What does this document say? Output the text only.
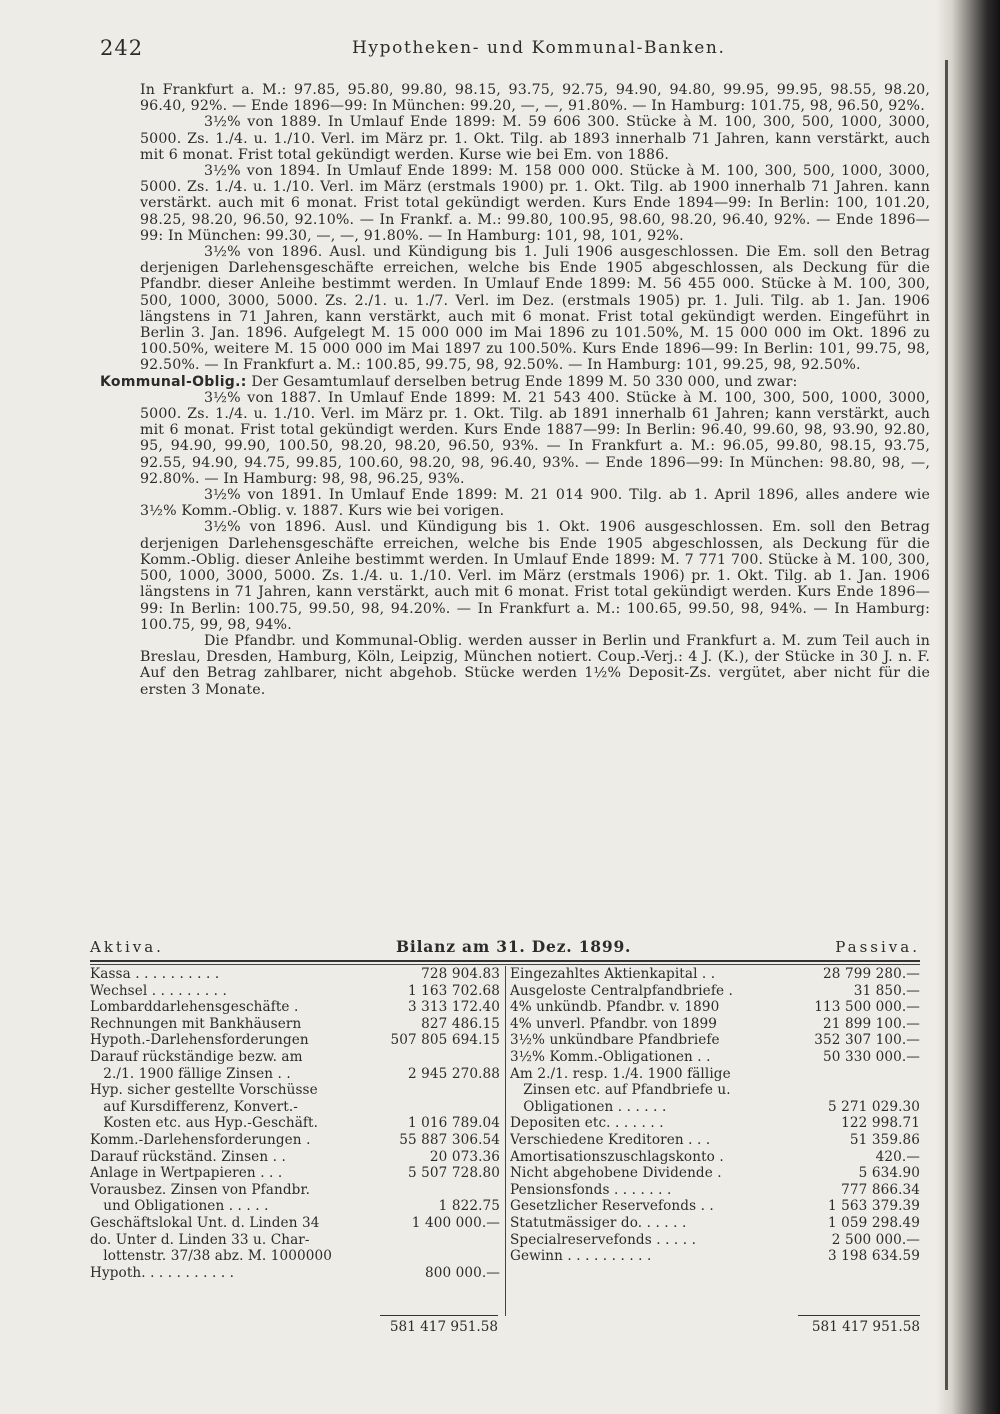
242	Hypotheken- und Kommunal-Banken.

In Frankfurt a. M.: 97.85, 95.80, 99.80, 98.15, 93.75, 92.75, 94.90, 94.80, 99.95, 99.95, 98.55, 98.20, 96.40, 92%. — Ende 1896—99: In München: 99.20, —, —, 91.80%. — In Hamburg: 101.75, 98, 96.50, 92%.

3½% von 1889. In Umlauf Ende 1899: M. 59 606 300. Stücke à M. 100, 300, 500, 1000, 3000, 5000. Zs. 1./4. u. 1./10. Verl. im März pr. 1. Okt. Tilg. ab 1893 innerhalb 71 Jahren, kann verstärkt, auch mit 6 monat. Frist total gekündigt werden. Kurse wie bei Em. von 1886.

3½% von 1894. In Umlauf Ende 1899: M. 158 000 000. Stücke à M. 100, 300, 500, 1000, 3000, 5000. Zs. 1./4. u. 1./10. Verl. im März (erstmals 1900) pr. 1. Okt. Tilg. ab 1900 innerhalb 71 Jahren. kann verstärkt. auch mit 6 monat. Frist total gekündigt werden. Kurs Ende 1894—99: In Berlin: 100, 101.20, 98.25, 98.20, 96.50, 92.10%. — In Frankf. a. M.: 99.80, 100.95, 98.60, 98.20, 96.40, 92%. — Ende 1896—99: In München: 99.30, —, —, 91.80%. — In Hamburg: 101, 98, 101, 92%.

3½% von 1896. Ausl. und Kündigung bis 1. Juli 1906 ausgeschlossen. Die Em. soll den Betrag derjenigen Darlehensgeschäfte erreichen, welche bis Ende 1905 abgeschlossen, als Deckung für die Pfandbr. dieser Anleihe bestimmt werden. In Umlauf Ende 1899: M. 56 455 000. Stücke à M. 100, 300, 500, 1000, 3000, 5000. Zs. 2./1. u. 1./7. Verl. im Dez. (erstmals 1905) pr. 1. Juli. Tilg. ab 1. Jan. 1906 längstens in 71 Jahren, kann verstärkt, auch mit 6 monat. Frist total gekündigt werden. Eingeführt in Berlin 3. Jan. 1896. Aufgelegt M. 15 000 000 im Mai 1896 zu 101.50%, M. 15 000 000 im Okt. 1896 zu 100.50%, weitere M. 15 000 000 im Mai 1897 zu 100.50%. Kurs Ende 1896—99: In Berlin: 101, 99.75, 98, 92.50%. — In Frankfurt a. M.: 100.85, 99.75, 98, 92.50%. — In Hamburg: 101, 99.25, 98, 92.50%.

Kommunal-Oblig.: Der Gesamtumlauf derselben betrug Ende 1899 M. 50 330 000, und zwar:

3½% von 1887. In Umlauf Ende 1899: M. 21 543 400. Stücke à M. 100, 300, 500, 1000, 3000, 5000. Zs. 1./4. u. 1./10. Verl. im März pr. 1. Okt. Tilg. ab 1891 innerhalb 61 Jahren; kann verstärkt, auch mit 6 monat. Frist total gekündigt werden. Kurs Ende 1887—99: In Berlin: 96.40, 99.60, 98, 93.90, 92.80, 95, 94.90, 99.90, 100.50, 98.20, 98.20, 96.50, 93%. — In Frankfurt a. M.: 96.05, 99.80, 98.15, 93.75, 92.55, 94.90, 94.75, 99.85, 100.60, 98.20, 98, 96.40, 93%. — Ende 1896—99: In München: 98.80, 98, —, 92.80%. — In Hamburg: 98, 98, 96.25, 93%.

3½% von 1891. In Umlauf Ende 1899: M. 21 014 900. Tilg. ab 1. April 1896, alles andere wie 3½% Komm.-Oblig. v. 1887. Kurs wie bei vorigen.

3½% von 1896. Ausl. und Kündigung bis 1. Okt. 1906 ausgeschlossen. Em. soll den Betrag derjenigen Darlehensgeschäfte erreichen, welche bis Ende 1905 abgeschlossen, als Deckung für die Komm.-Oblig. dieser Anleihe bestimmt werden. In Umlauf Ende 1899: M. 7 771 700. Stücke à M. 100, 300, 500, 1000, 3000, 5000. Zs. 1./4. u. 1./10. Verl. im März (erstmals 1906) pr. 1. Okt. Tilg. ab 1. Jan. 1906 längstens in 71 Jahren, kann verstärkt, auch mit 6 monat. Frist total gekündigt werden. Kurs Ende 1896—99: In Berlin: 100.75, 99.50, 98, 94.20%. — In Frankfurt a. M.: 100.65, 99.50, 98, 94%. — In Hamburg: 100.75, 99, 98, 94%.

Die Pfandbr. und Kommunal-Oblig. werden ausser in Berlin und Frankfurt a. M. zum Teil auch in Breslau, Dresden, Hamburg, Köln, Leipzig, München notiert. Coup.-Verj.: 4 J. (K.), der Stücke in 30 J. n. F. Auf den Betrag zahlbarer, nicht abgehob. Stücke werden 1½% Deposit-Zs. vergütet, aber nicht für die ersten 3 Monate.

Aktiva.	Bilanz am 31. Dez. 1899.	Passiva.
Kassa . . . . . . . . . .	728 904.83
Wechsel . . . . . . . . .	1 163 702.68
Lombarddarlehensgeschäfte .	3 313 172.40
Rechnungen mit Bankhäusern	827 486.15
Hypoth.-Darlehensforderungen	507 805 694.15
Darauf rückständige bezw. am
2./1. 1900 fällige Zinsen . .	2 945 270.88
Hyp. sicher gestellte Vorschüsse
auf Kursdifferenz, Konvert.-
Kosten etc. aus Hyp.-Geschäft.	1 016 789.04
Komm.-Darlehensforderungen .	55 887 306.54
Darauf rückständ. Zinsen . .	20 073.36
Anlage in Wertpapieren . . .	5 507 728.80
Vorausbez. Zinsen von Pfandbr.
und Obligationen . . . . .	1 822.75
Geschäftslokal Unt. d. Linden 34	1 400 000.—
do. Unter d. Linden 33 u. Char-
lottenstr. 37/38 abz. M. 1000000
Hypoth. . . . . . . . . . .	800 000.—
Eingezahltes Aktienkapital . .	28 799 280.—
Ausgeloste Centralpfandbriefe .	31 850.—
4% unkündb. Pfandbr. v. 1890	113 500 000.—
4% unverl. Pfandbr. von 1899	21 899 100.—
3½% unkündbare Pfandbriefe	352 307 100.—
3½% Komm.-Obligationen . .	50 330 000.—
Am 2./1. resp. 1./4. 1900 fällige
Zinsen etc. auf Pfandbriefe u.
Obligationen . . . . . .	5 271 029.30
Depositen etc. . . . . . .	122 998.71
Verschiedene Kreditoren . . .	51 359.86
Amortisationszuschlagskonto .	420.—
Nicht abgehobene Dividende .	5 634.90
Pensionsfonds . . . . . . .	777 866.34
Gesetzlicher Reservefonds . .	1 563 379.39
Statutmässiger do. . . . . .	1 059 298.49
Specialreservefonds . . . . .	2 500 000.—
Gewinn . . . . . . . . . .	3 198 634.59
581 417 951.58	581 417 951.58
